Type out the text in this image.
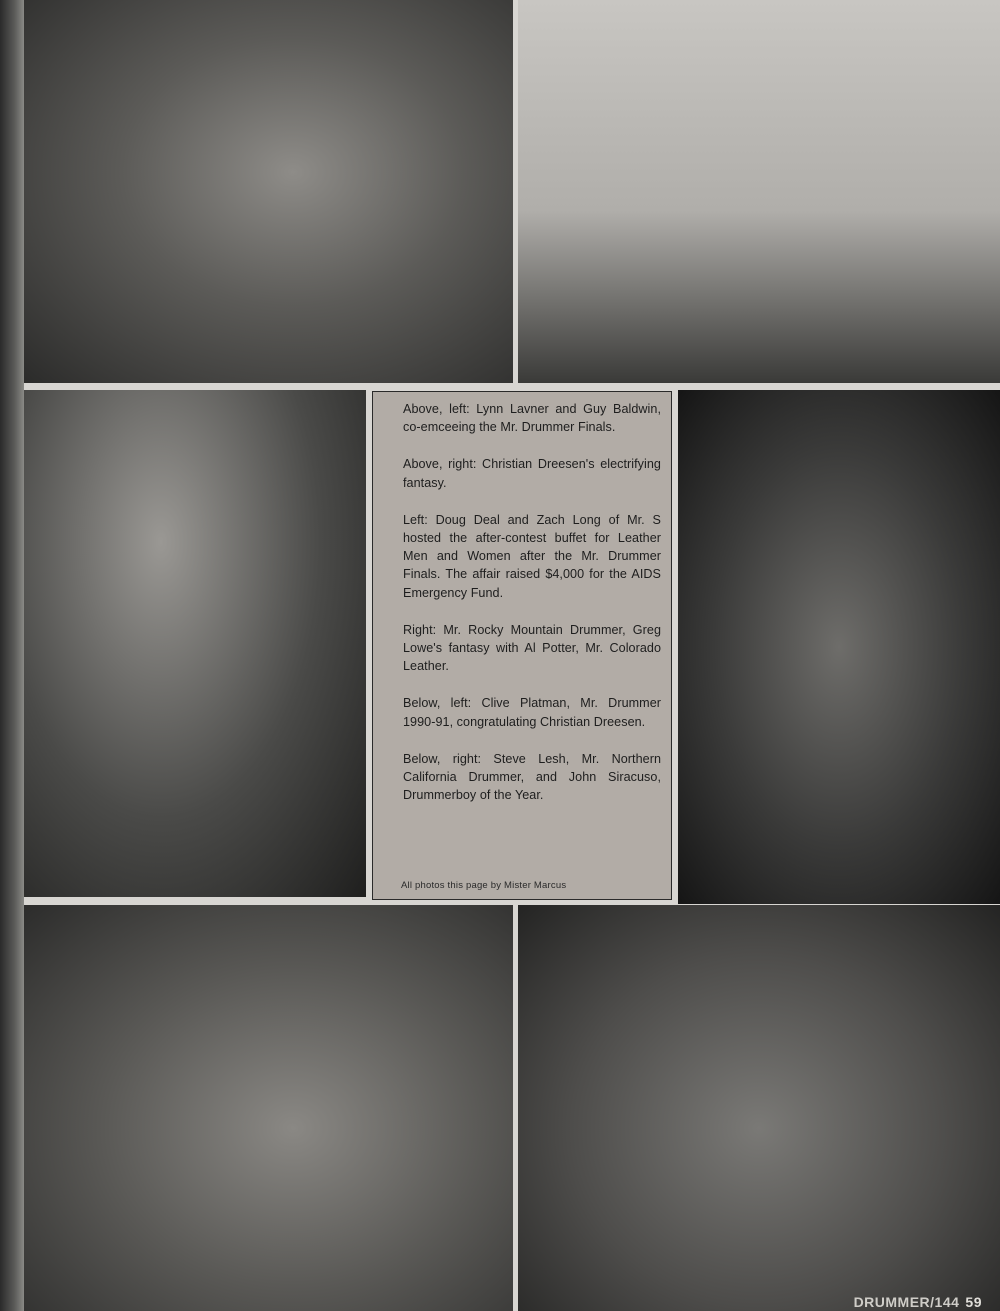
Above, left: Lynn Lavner and Guy Baldwin, co-emceeing the Mr. Drummer Finals.

Above, right: Christian Dreesen's electrifying fantasy.

Left: Doug Deal and Zach Long of Mr. S hosted the after-contest buffet for Leather Men and Women after the Mr. Drummer Finals. The affair raised $4,000 for the AIDS Emergency Fund.

Right: Mr. Rocky Mountain Drummer, Greg Lowe's fantasy with Al Potter, Mr. Colorado Leather.

Below, left: Clive Platman, Mr. Drummer 1990-91, congratulating Christian Dreesen.

Below, right: Steve Lesh, Mr. Northern California Drummer, and John Siracuso, Drummerboy of the Year.

All photos this page by Mister Marcus
DRUMMER/144 59
